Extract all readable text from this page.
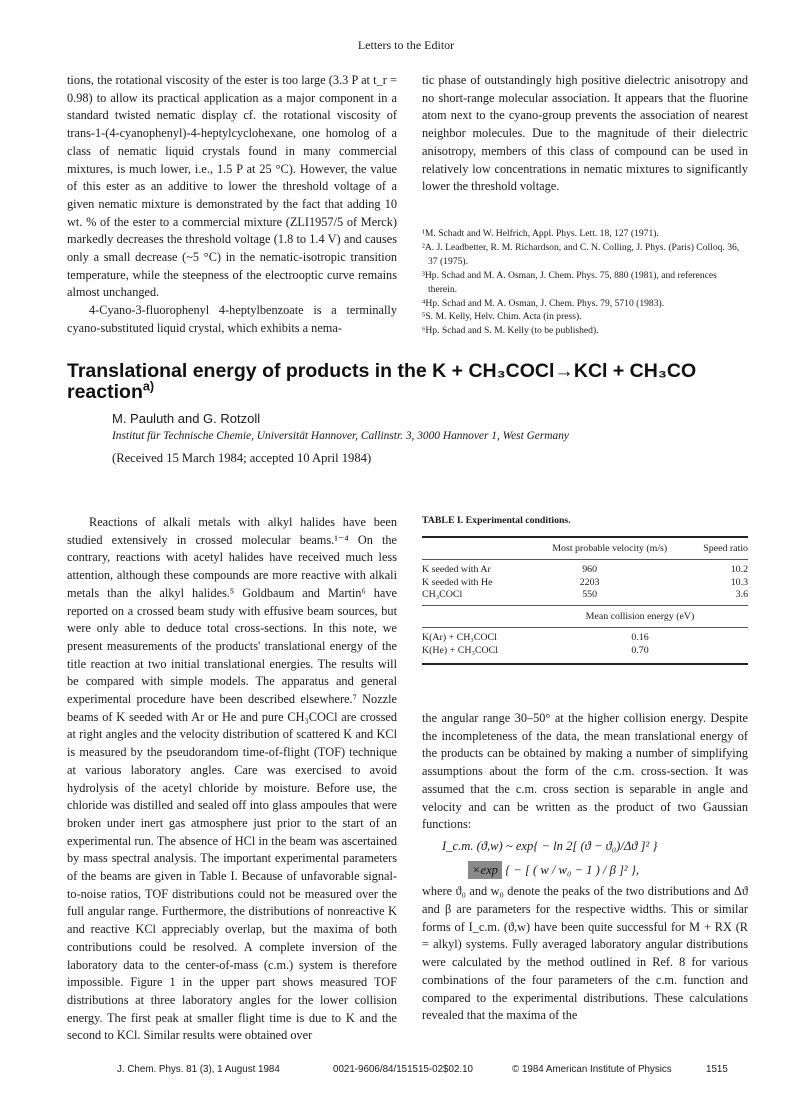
Letters to the Editor

tions, the rotational viscosity of the ester is too large (3.3 P at t_r = 0.98) to allow its practical application as a major component in a standard twisted nematic display cf. the rotational viscosity of trans-1-(4-cyanophenyl)-4-heptylcyclohexane, one homolog of a class of nematic liquid crystals found in many commercial mixtures, is much lower, i.e., 1.5 P at 25 °C). However, the value of this ester as an additive to lower the threshold voltage of a given nematic mixture is demonstrated by the fact that adding 10 wt. % of the ester to a commercial mixture (ZLI1957/5 of Merck) markedly decreases the threshold voltage (1.8 to 1.4 V) and causes only a small decrease (~5 °C) in the nematic-isotropic transition temperature, while the steepness of the electrooptic curve remains almost unchanged.

4-Cyano-3-fluorophenyl 4-heptylbenzoate is a terminally cyano-substituted liquid crystal, which exhibits a nema-

tic phase of outstandingly high positive dielectric anisotropy and no short-range molecular association. It appears that the fluorine atom next to the cyano-group prevents the association of nearest neighbor molecules. Due to the magnitude of their dielectric anisotropy, members of this class of compound can be used in relatively low concentrations in nematic mixtures to significantly lower the threshold voltage.

¹M. Schadt and W. Helfrich, Appl. Phys. Lett. 18, 127 (1971).
²A. J. Leadbetter, R. M. Richardson, and C. N. Colling, J. Phys. (Paris) Colloq. 36, 37 (1975).
³Hp. Schad and M. A. Osman, J. Chem. Phys. 75, 880 (1981), and references therein.
⁴Hp. Schad and M. A. Osman, J. Chem. Phys. 79, 5710 (1983).
⁵S. M. Kelly, Helv. Chim. Acta (in press).
⁶Hp. Schad and S. M. Kelly (to be published).
Translational energy of products in the K + CH₃COCl→KCl + CH₃CO reaction$^{a)}$
M. Pauluth and G. Rotzoll
Institut für Technische Chemie, Universität Hannover, Callinstr. 3, 3000 Hannover 1, West Germany
(Received 15 March 1984; accepted 10 April 1984)

Reactions of alkali metals with alkyl halides have been studied extensively in crossed molecular beams.¹⁻⁴ On the contrary, reactions with acetyl halides have received much less attention, although these compounds are more reactive with alkali metals than the alkyl halides.⁵ Goldbaum and Martin⁶ have reported on a crossed beam study with effusive beam sources, but were only able to deduce total cross-sections. In this note, we present measurements of the products' translational energy of the title reaction at two initial translational energies. The results will be compared with simple models. The apparatus and general experimental procedure have been described elsewhere.⁷ Nozzle beams of K seeded with Ar or He and pure CH₃COCl are crossed at right angles and the velocity distribution of scattered K and KCl is measured by the pseudorandom time-of-flight (TOF) technique at various laboratory angles. Care was exercised to avoid hydrolysis of the acetyl chloride by moisture. Before use, the chloride was distilled and sealed off into glass ampoules that were broken under inert gas atmosphere just prior to the start of an experimental run. The absence of HCl in the beam was ascertained by mass spectral analysis. The important experimental parameters of the beams are given in Table I. Because of unfavorable signal-to-noise ratios, TOF distributions could not be measured over the full angular range. Furthermore, the distributions of nonreactive K and reactive KCl appreciably overlap, but the maxima of both contributions could be resolved. A complete inversion of the laboratory data to the center-of-mass (c.m.) system is therefore impossible. Figure 1 in the upper part shows measured TOF distributions at three laboratory angles for the lower collision energy. The first peak at smaller flight time is due to K and the second to KCl. Similar results were obtained over

TABLE I. Experimental conditions.
	Most probable velocity (m/s)	Speed ratio
K seeded with Ar	960	10.2
K seeded with He	2203	10.3
CH₃COCl	550	3.6
	Mean collision energy (eV)
K(Ar) + CH₃COCl	0.16
K(He) + CH₃COCl	0.70

the angular range 30–50° at the higher collision energy. Despite the incompleteness of the data, the mean translational energy of the products can be obtained by making a number of simplifying assumptions about the form of the c.m. cross-section. It was assumed that the c.m. cross section is separable in angle and velocity and can be written as the product of two Gaussian functions:

I_c.m. (ϑ,w) ~ exp{ − ln 2[ (ϑ − ϑ₀)/Δϑ ]² }
×exp { − [ ( w / w₀ − 1 ) / β ]² },

where ϑ₀ and w₀ denote the peaks of the two distributions and Δϑ and β are parameters for the respective widths. This or similar forms of I_c.m. (ϑ,w) have been quite successful for M + RX (R = alkyl) systems. Fully averaged laboratory angular distributions were calculated by the method outlined in Ref. 8 for various combinations of the four parameters of the c.m. function and compared to the experimental distributions. These calculations revealed that the maxima of the

J. Chem. Phys. 81 (3), 1 August 1984	0021-9606/84/151515-02$02.10	© 1984 American Institute of Physics	1515
